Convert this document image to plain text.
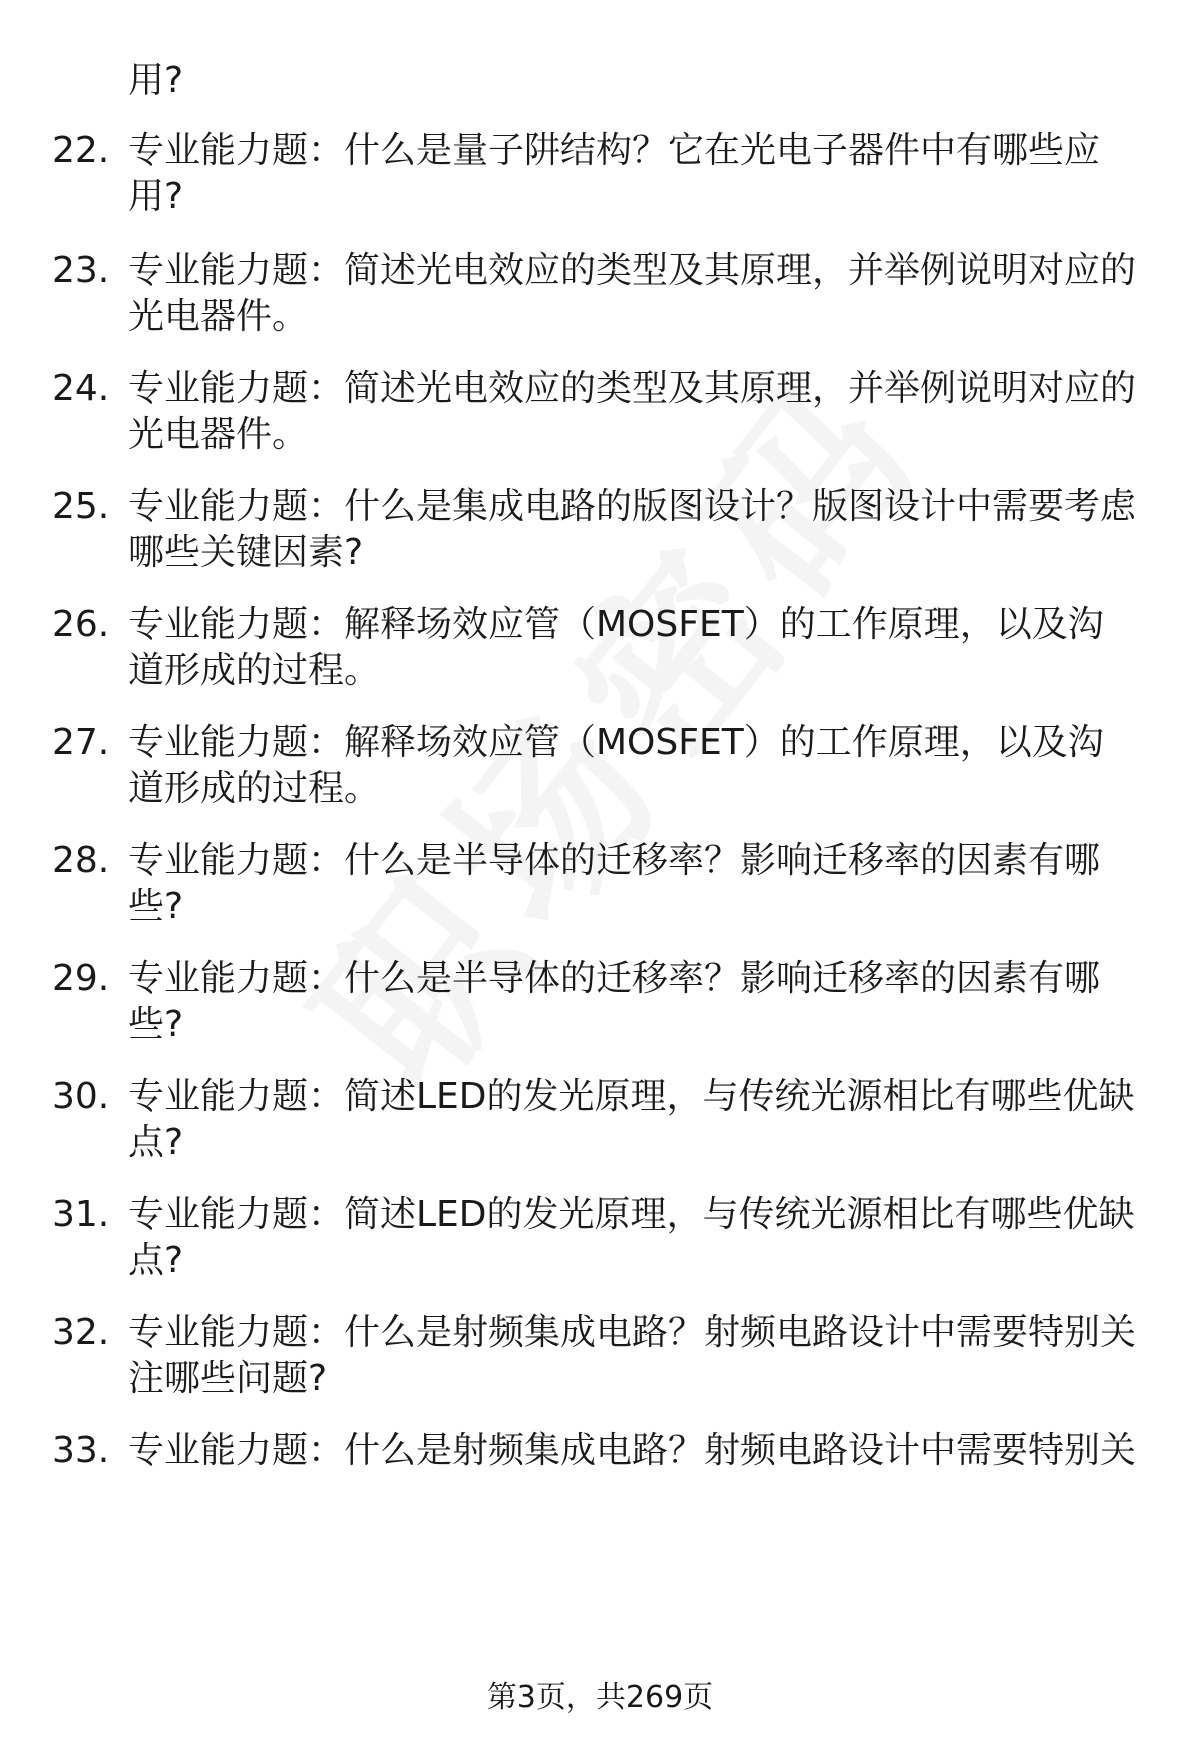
用?
22. 专业能力题：什么是量子阱结构？它在光电子器件中有哪些应用?
23. 专业能力题：简述光电效应的类型及其原理，并举例说明对应的光电器件。
24. 专业能力题：简述光电效应的类型及其原理，并举例说明对应的光电器件。
25. 专业能力题：什么是集成电路的版图设计？版图设计中需要考虑哪些关键因素?
26. 专业能力题：解释场效应管（MOSFET）的工作原理，以及沟道形成的过程。
27. 专业能力题：解释场效应管（MOSFET）的工作原理，以及沟道形成的过程。
28. 专业能力题：什么是半导体的迁移率？影响迁移率的因素有哪些?
29. 专业能力题：什么是半导体的迁移率？影响迁移率的因素有哪些?
30. 专业能力题：简述LED的发光原理，与传统光源相比有哪些优缺点?
31. 专业能力题：简述LED的发光原理，与传统光源相比有哪些优缺点?
32. 专业能力题：什么是射频集成电路？射频电路设计中需要特别关注哪些问题?
33. 专业能力题：什么是射频集成电路？射频电路设计中需要特别关
第3页，共269页
